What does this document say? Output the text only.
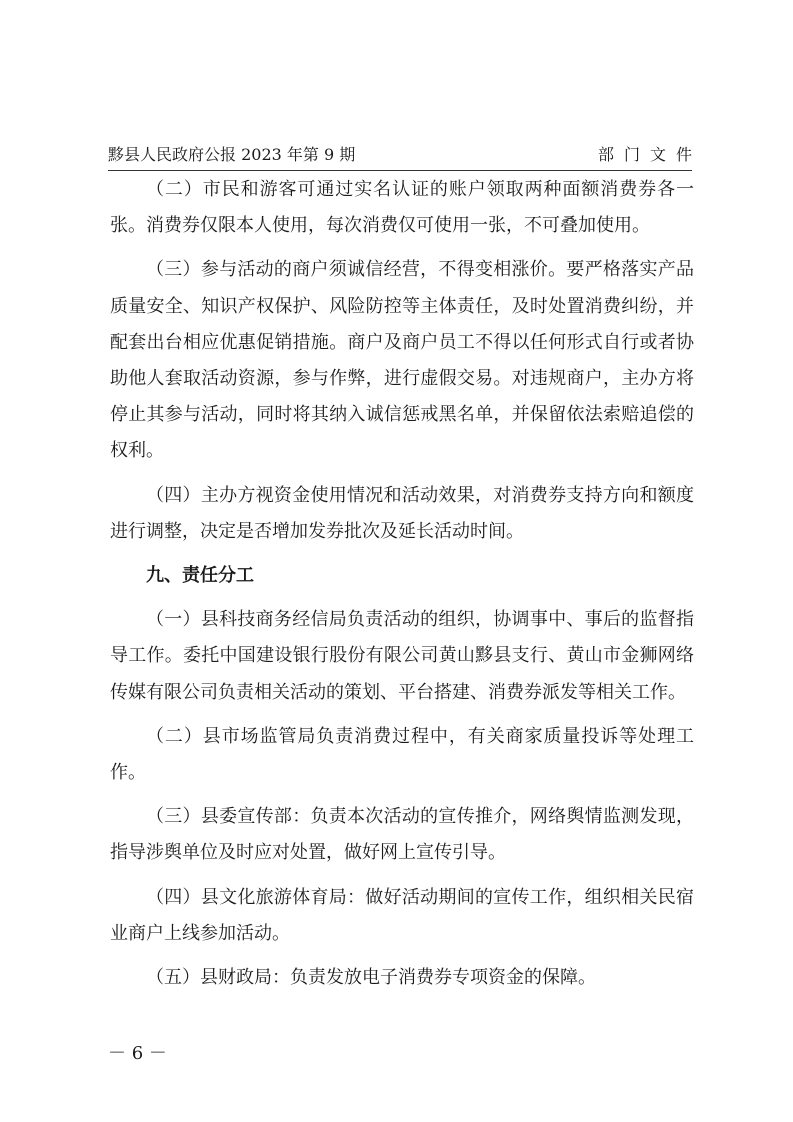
黟县人民政府公报 2023 年第 9 期	部门文件

（二）市民和游客可通过实名认证的账户领取两种面额消费券各一张。消费券仅限本人使用，每次消费仅可使用一张，不可叠加使用。

（三）参与活动的商户须诚信经营，不得变相涨价。要严格落实产品质量安全、知识产权保护、风险防控等主体责任，及时处置消费纠纷，并配套出台相应优惠促销措施。商户及商户员工不得以任何形式自行或者协助他人套取活动资源，参与作弊，进行虚假交易。对违规商户，主办方将停止其参与活动，同时将其纳入诚信惩戒黑名单，并保留依法索赔追偿的权利。

（四）主办方视资金使用情况和活动效果，对消费券支持方向和额度进行调整，决定是否增加发券批次及延长活动时间。

九、责任分工

（一）县科技商务经信局负责活动的组织，协调事中、事后的监督指导工作。委托中国建设银行股份有限公司黄山黟县支行、黄山市金狮网络传媒有限公司负责相关活动的策划、平台搭建、消费券派发等相关工作。

（二）县市场监管局负责消费过程中，有关商家质量投诉等处理工作。

（三）县委宣传部：负责本次活动的宣传推介，网络舆情监测发现，指导涉舆单位及时应对处置，做好网上宣传引导。

（四）县文化旅游体育局：做好活动期间的宣传工作，组织相关民宿业商户上线参加活动。

（五）县财政局：负责发放电子消费券专项资金的保障。

－ 6 －
